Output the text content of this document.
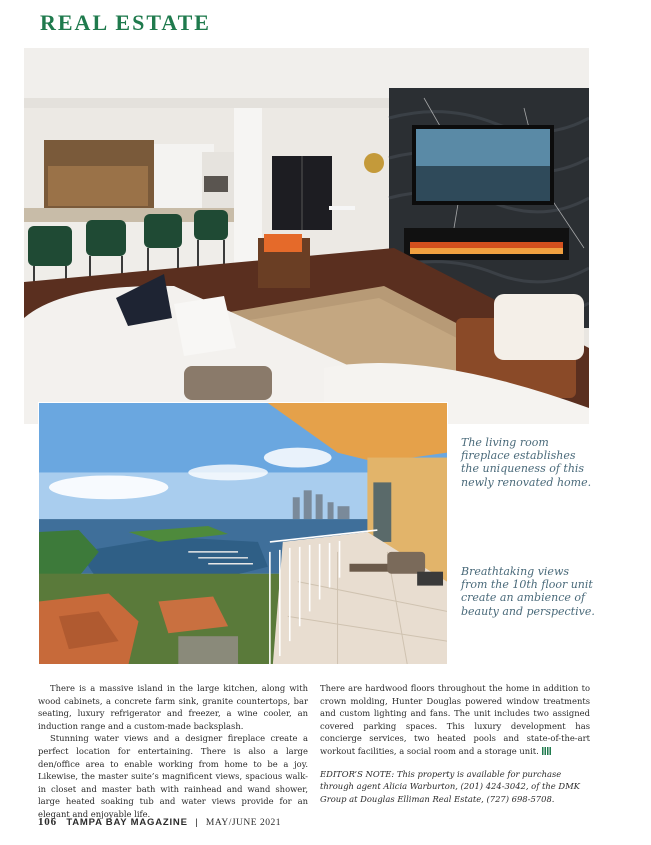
REAL ESTATE
The living room fireplace establishes the uniqueness of this newly renovated home.
Breathtaking views from the 10th floor unit create an ambience of beauty and perspective.

There is a massive island in the large kitchen, along with wood cabinets, a concrete farm sink, granite countertops, bar seating, luxury refrigerator and freezer, a wine cooler, an induction range and a custom-made backsplash.

Stunning water views and a designer fireplace create a perfect location for entertaining. There is also a large den/office area to enable working from home to be a joy. Likewise, the master suite’s magnificent views, spacious walk-in closet and master bath with rainhead and wand shower, large heated soaking tub and water views provide for an elegant and enjoyable life.

There are hardwood floors throughout the home in addition to crown molding, Hunter Douglas powered window treatments and custom lighting and fans. The unit includes two assigned covered parking spaces. This luxury development has concierge services, two heated pools and state-of-the-art workout facilities, a social room and a storage unit.

EDITOR’S NOTE: This property is available for purchase through agent Alicia Warburton, (201) 424-3042, of the DMK Group at Douglas Elliman Real Estate, (727) 698-5708.

106 TAMPA BAY MAGAZINE | MAY/JUNE 2021
